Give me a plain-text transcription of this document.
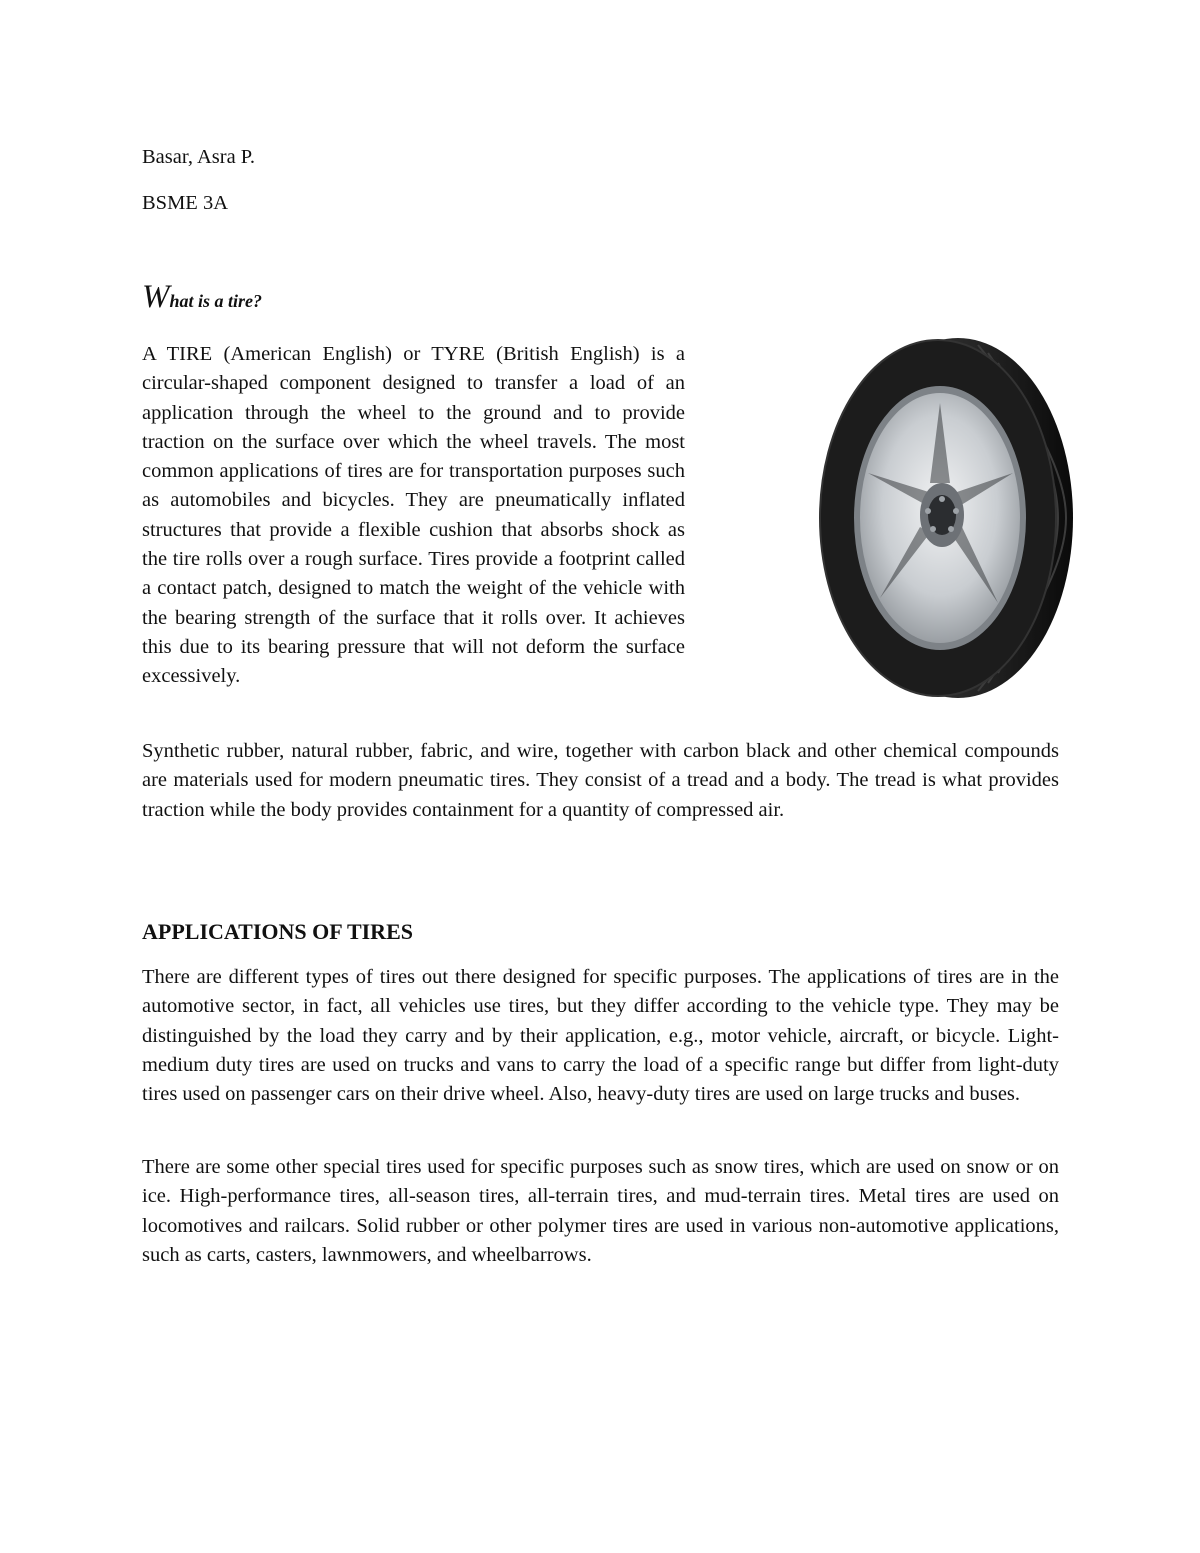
Basar, Asra P.

BSME 3A

What is a tire?

A TIRE (American English) or TYRE (British English) is a circular-shaped component designed to transfer a load of an application through the wheel to the ground and to provide traction on the surface over which the wheel travels. The most common applications of tires are for transportation purposes such as automobiles and bicycles. They are pneumatically inflated structures that provide a flexible cushion that absorbs shock as the tire rolls over a rough surface. Tires provide a footprint called a contact patch, designed to match the weight of the vehicle with the bearing strength of the surface that it rolls over. It achieves this due to its bearing pressure that will not deform the surface excessively.

Synthetic rubber, natural rubber, fabric, and wire, together with carbon black and other chemical compounds are materials used for modern pneumatic tires. They consist of a tread and a body. The tread is what provides traction while the body provides containment for a quantity of compressed air.

APPLICATIONS OF TIRES

There are different types of tires out there designed for specific purposes. The applications of tires are in the automotive sector, in fact, all vehicles use tires, but they differ according to the vehicle type. They may be distinguished by the load they carry and by their application, e.g., motor vehicle, aircraft, or bicycle. Light-medium duty tires are used on trucks and vans to carry the load of a specific range but differ from light-duty tires used on passenger cars on their drive wheel. Also, heavy-duty tires are used on large trucks and buses.

There are some other special tires used for specific purposes such as snow tires, which are used on snow or on ice. High-performance tires, all-season tires, all-terrain tires, and mud-terrain tires. Metal tires are used on locomotives and railcars. Solid rubber or other polymer tires are used in various non-automotive applications, such as carts, casters, lawnmowers, and wheelbarrows.
